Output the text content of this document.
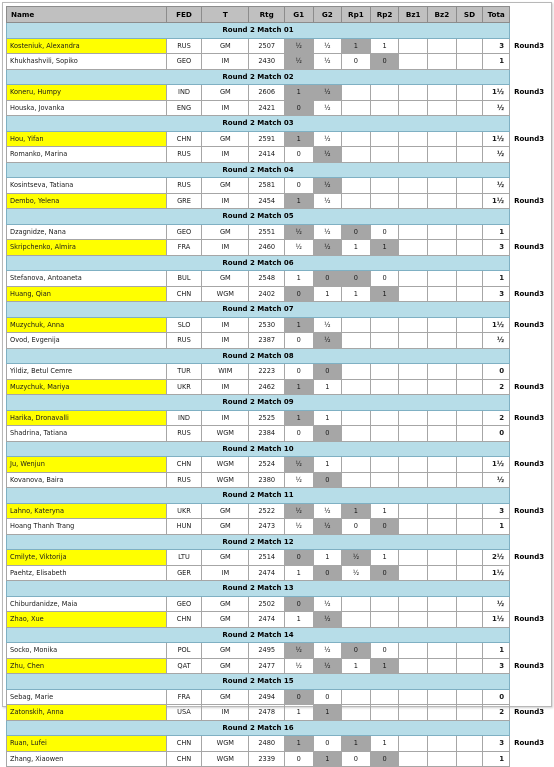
Name	FED	T	Rtg	G1	G2	Rp1	Rp2	Bz1	Bz2	SD	Tota	
Round 2 Match 01												
Kosteniuk, Alexandra	RUS	GM	2507	½	½	1	1				3	Round3
Khukhashvili, Sopiko	GEO	IM	2430	½	½	0	0				1	
Round 2 Match 02												
Koneru, Humpy	IND	GM	2606	1	½						1½	Round3
Houska, Jovanka	ENG	IM	2421	0	½						½	
Round 2 Match 03												
Hou, Yifan	CHN	GM	2591	1	½						1½	Round3
Romanko, Marina	RUS	IM	2414	0	½						½	
Round 2 Match 04												
Kosintseva, Tatiana	RUS	GM	2581	0	½						½	
Dembo, Yelena	GRE	IM	2454	1	½						1½	Round3
Round 2 Match 05												
Dzagnidze, Nana	GEO	GM	2551	½	½	0	0				1	
Skripchenko, Almira	FRA	IM	2460	½	½	1	1				3	Round3
Round 2 Match 06												
Stefanova, Antoaneta	BUL	GM	2548	1	0	0	0				1	
Huang, Qian	CHN	WGM	2402	0	1	1	1				3	Round3
Round 2 Match 07												
Muzychuk, Anna	SLO	IM	2530	1	½						1½	Round3
Ovod, Evgenija	RUS	IM	2387	0	½						½	
Round 2 Match 08												
Yildiz, Betul Cemre	TUR	WIM	2223	0	0						0	
Muzychuk, Mariya	UKR	IM	2462	1	1						2	Round3
Round 2 Match 09												
Harika, Dronavalli	IND	IM	2525	1	1						2	Round3
Shadrina, Tatiana	RUS	WGM	2384	0	0						0	
Round 2 Match 10												
Ju, Wenjun	CHN	WGM	2524	½	1						1½	Round3
Kovanova, Baira	RUS	WGM	2380	½	0						½	
Round 2 Match 11												
Lahno, Kateryna	UKR	GM	2522	½	½	1	1				3	Round3
Hoang Thanh Trang	HUN	GM	2473	½	½	0	0				1	
Round 2 Match 12												
Cmilyte, Viktorija	LTU	GM	2514	0	1	½	1				2½	Round3
Paehtz, Elisabeth	GER	IM	2474	1	0	½	0				1½	
Round 2 Match 13												
Chiburdanidze, Maia	GEO	GM	2502	0	½						½	
Zhao, Xue	CHN	GM	2474	1	½						1½	Round3
Round 2 Match 14												
Socko, Monika	POL	GM	2495	½	½	0	0				1	
Zhu, Chen	QAT	GM	2477	½	½	1	1				3	Round3
Round 2 Match 15												
Sebag, Marie	FRA	GM	2494	0	0						0	
Zatonskih, Anna	USA	IM	2478	1	1						2	Round3
Round 2 Match 16												
Ruan, Lufei	CHN	WGM	2480	1	0	1	1				3	Round3
Zhang, Xiaowen	CHN	WGM	2339	0	1	0	0				1	
